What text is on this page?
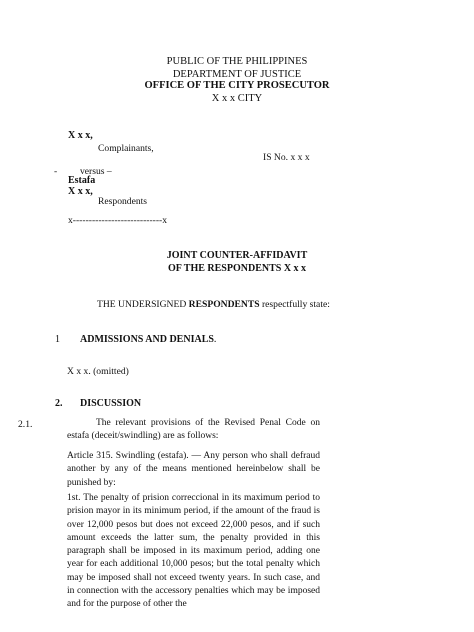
PUBLIC OF THE PHILIPPINES
DEPARTMENT OF JUSTICE
OFFICE OF THE CITY PROSECUTOR
X x x CITY
X x x,
Complainants,
IS No. x x x
- versus –
Estafa
X x x,
Respondents
x----------------------------x
JOINT COUNTER-AFFIDAVIT
OF THE RESPONDENTS X x x
THE UNDERSIGNED RESPONDENTS respectfully state:
1 ADMISSIONS AND DENIALS.
X x x. (omitted)
2. DISCUSSION
2.1.	The relevant provisions of the Revised Penal Code on estafa (deceit/swindling) are as follows:
Article 315. Swindling (estafa). — Any person who shall defraud another by any of the means mentioned hereinbelow shall be punished by:
1st. The penalty of prision correccional in its maximum period to prision mayor in its minimum period, if the amount of the fraud is over 12,000 pesos but does not exceed 22,000 pesos, and if such amount exceeds the latter sum, the penalty provided in this paragraph shall be imposed in its maximum period, adding one year for each additional 10,000 pesos; but the total penalty which may be imposed shall not exceed twenty years. In such case, and in connection with the accessory penalties which may be imposed and for the purpose of other the
